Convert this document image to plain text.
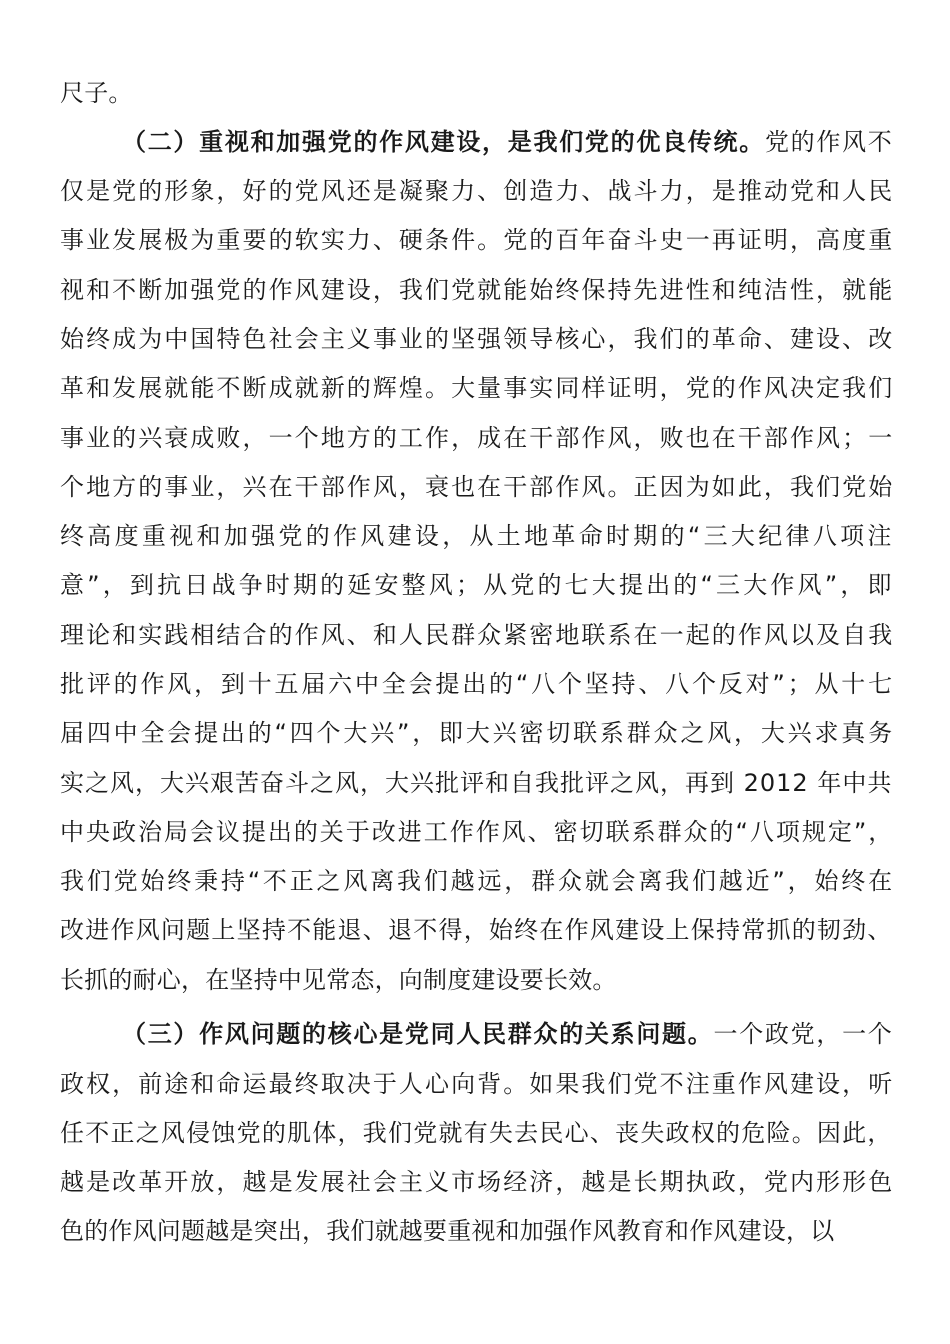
尺子。
（二）重视和加强党的作风建设，是我们党的优良传统。党的作风不
仅是党的形象，好的党风还是凝聚力、创造力、战斗力，是推动党和人民
事业发展极为重要的软实力、硬条件。党的百年奋斗史一再证明，高度重
视和不断加强党的作风建设，我们党就能始终保持先进性和纯洁性，就能
始终成为中国特色社会主义事业的坚强领导核心，我们的革命、建设、改
革和发展就能不断成就新的辉煌。大量事实同样证明，党的作风决定我们
事业的兴衰成败，一个地方的工作，成在干部作风，败也在干部作风；一
个地方的事业，兴在干部作风，衰也在干部作风。正因为如此，我们党始
终高度重视和加强党的作风建设，从土地革命时期的“三大纪律八项注
意”，到抗日战争时期的延安整风；从党的七大提出的“三大作风”，即
理论和实践相结合的作风、和人民群众紧密地联系在一起的作风以及自我
批评的作风，到十五届六中全会提出的“八个坚持、八个反对”；从十七
届四中全会提出的“四个大兴”，即大兴密切联系群众之风，大兴求真务
实之风，大兴艰苦奋斗之风，大兴批评和自我批评之风，再到 2012 年中共
中央政治局会议提出的关于改进工作作风、密切联系群众的“八项规定”，
我们党始终秉持“不正之风离我们越远，群众就会离我们越近”，始终在
改进作风问题上坚持不能退、退不得，始终在作风建设上保持常抓的韧劲、
长抓的耐心，在坚持中见常态，向制度建设要长效。
（三）作风问题的核心是党同人民群众的关系问题。一个政党，一个
政权，前途和命运最终取决于人心向背。如果我们党不注重作风建设，听
任不正之风侵蚀党的肌体，我们党就有失去民心、丧失政权的危险。因此，
越是改革开放，越是发展社会主义市场经济，越是长期执政，党内形形色
色的作风问题越是突出，我们就越要重视和加强作风教育和作风建设，以
